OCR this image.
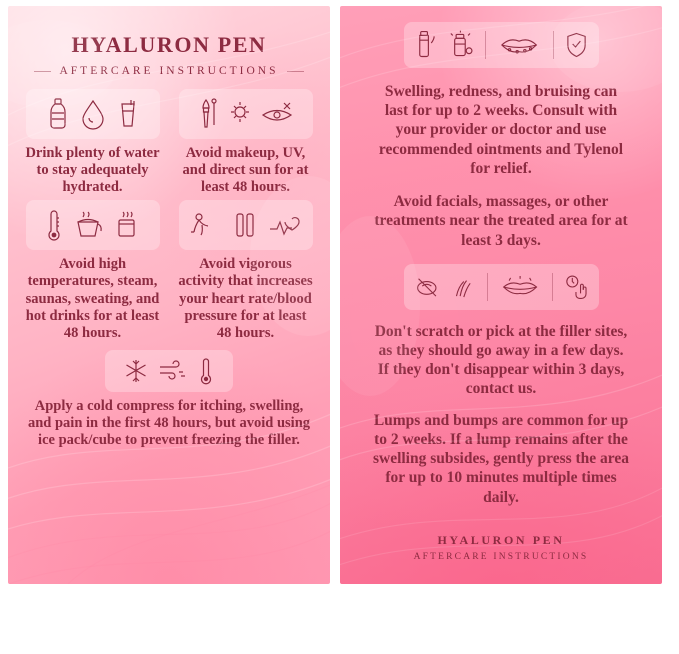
HYALURON PEN
AFTERCARE INSTRUCTIONS

Drink plenty of water to stay adequately hydrated.

Avoid makeup, UV, and direct sun for at least 48 hours.

Avoid high temperatures, steam, saunas, sweating, and hot drinks for at least 48 hours.

Avoid vigorous activity that increases your heart rate/blood pressure for at least 48 hours.

Apply a cold compress for itching, swelling, and pain in the first 48 hours, but avoid using ice pack/cube to prevent freezing the filler.

Swelling, redness, and bruising can last for up to 2 weeks. Consult with your provider or doctor and use recommended ointments and Tylenol for relief.

Avoid facials, massages, or other treatments near the treated area for at least 3 days.

Don't scratch or pick at the filler sites, as they should go away in a few days. If they don't disappear within 3 days, contact us.

Lumps and bumps are common for up to 2 weeks. If a lump remains after the swelling subsides, gently press the area for up to 10 minutes multiple times daily.

HYALURON PEN
AFTERCARE INSTRUCTIONS
